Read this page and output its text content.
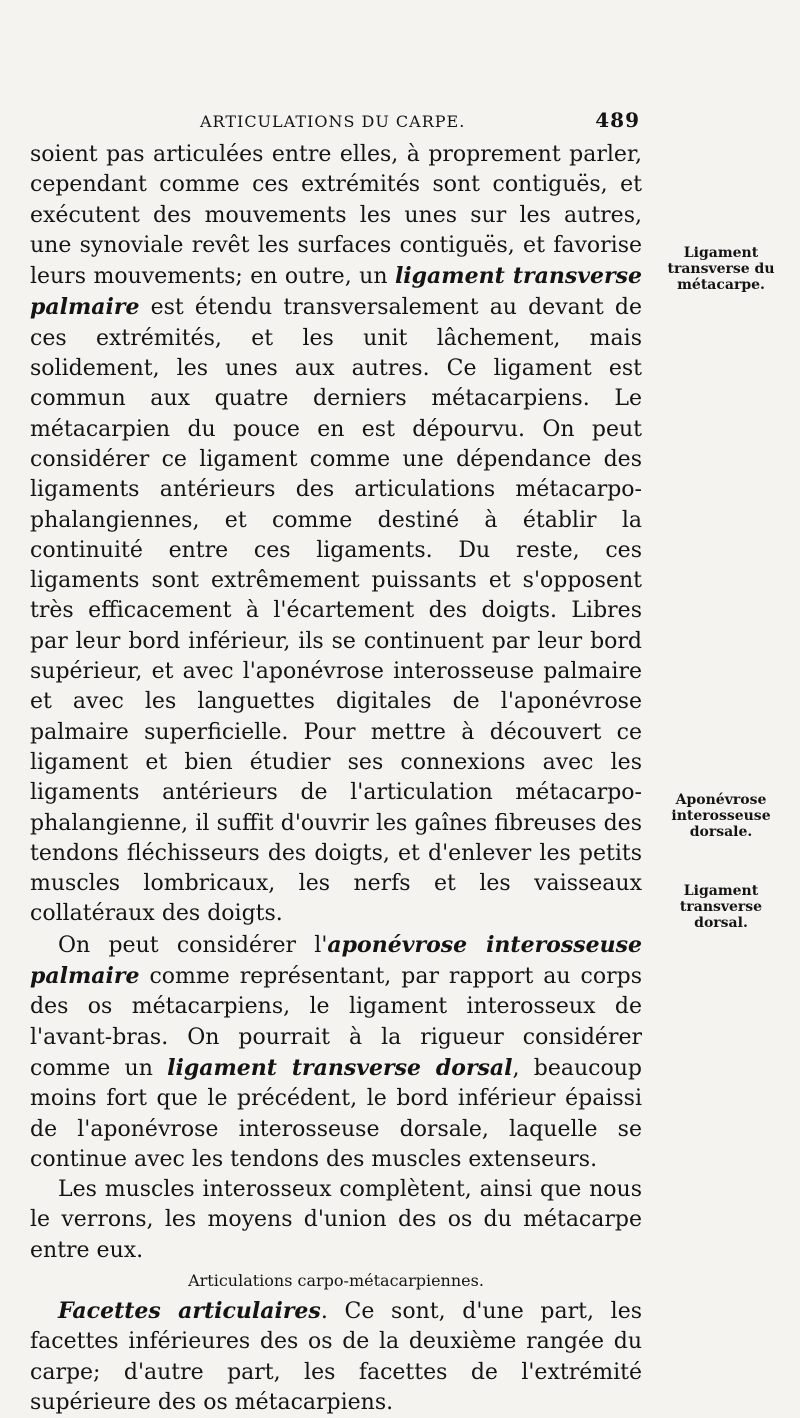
ARTICULATIONS DU CARPE.	489

soient pas articulées entre elles, à proprement parler, cependant comme ces extrémités sont contiguës, et exécutent des mouvements les unes sur les autres, une synoviale revêt les surfaces contiguës, et favorise leurs mouvements; en outre, un ligament transverse palmaire est étendu transversalement au devant de ces extrémités, et les unit lâchement, mais solidement, les unes aux autres. Ce ligament est commun aux quatre derniers métacarpiens. Le métacarpien du pouce en est dépourvu. On peut considérer ce ligament comme une dépendance des ligaments antérieurs des articulations métacarpo-phalangiennes, et comme destiné à établir la continuité entre ces ligaments. Du reste, ces ligaments sont extrêmement puissants et s'opposent très efficacement à l'écartement des doigts. Libres par leur bord inférieur, ils se continuent par leur bord supérieur, et avec l'aponévrose interosseuse palmaire et avec les languettes digitales de l'aponévrose palmaire superficielle. Pour mettre à découvert ce ligament et bien étudier ses connexions avec les ligaments antérieurs de l'articulation métacarpo-phalangienne, il suffit d'ouvrir les gaînes fibreuses des tendons fléchisseurs des doigts, et d'enlever les petits muscles lombricaux, les nerfs et les vaisseaux collatéraux des doigts.

On peut considérer l'aponévrose interosseuse palmaire comme représentant, par rapport au corps des os métacarpiens, le ligament interosseux de l'avant-bras. On pourrait à la rigueur considérer comme un ligament transverse dorsal, beaucoup moins fort que le précédent, le bord inférieur épaissi de l'aponévrose interosseuse dorsale, laquelle se continue avec les tendons des muscles extenseurs.

Les muscles interosseux complètent, ainsi que nous le verrons, les moyens d'union des os du métacarpe entre eux.

Articulations carpo-métacarpiennes.

Facettes articulaires. Ce sont, d'une part, les facettes inférieures des os de la deuxième rangée du carpe; d'autre part, les facettes de l'extrémité supérieure des os métacarpiens.

Ligament transverse du métacarpe.
Aponévrose interosseuse dorsale.
Ligament transverse dorsal.
